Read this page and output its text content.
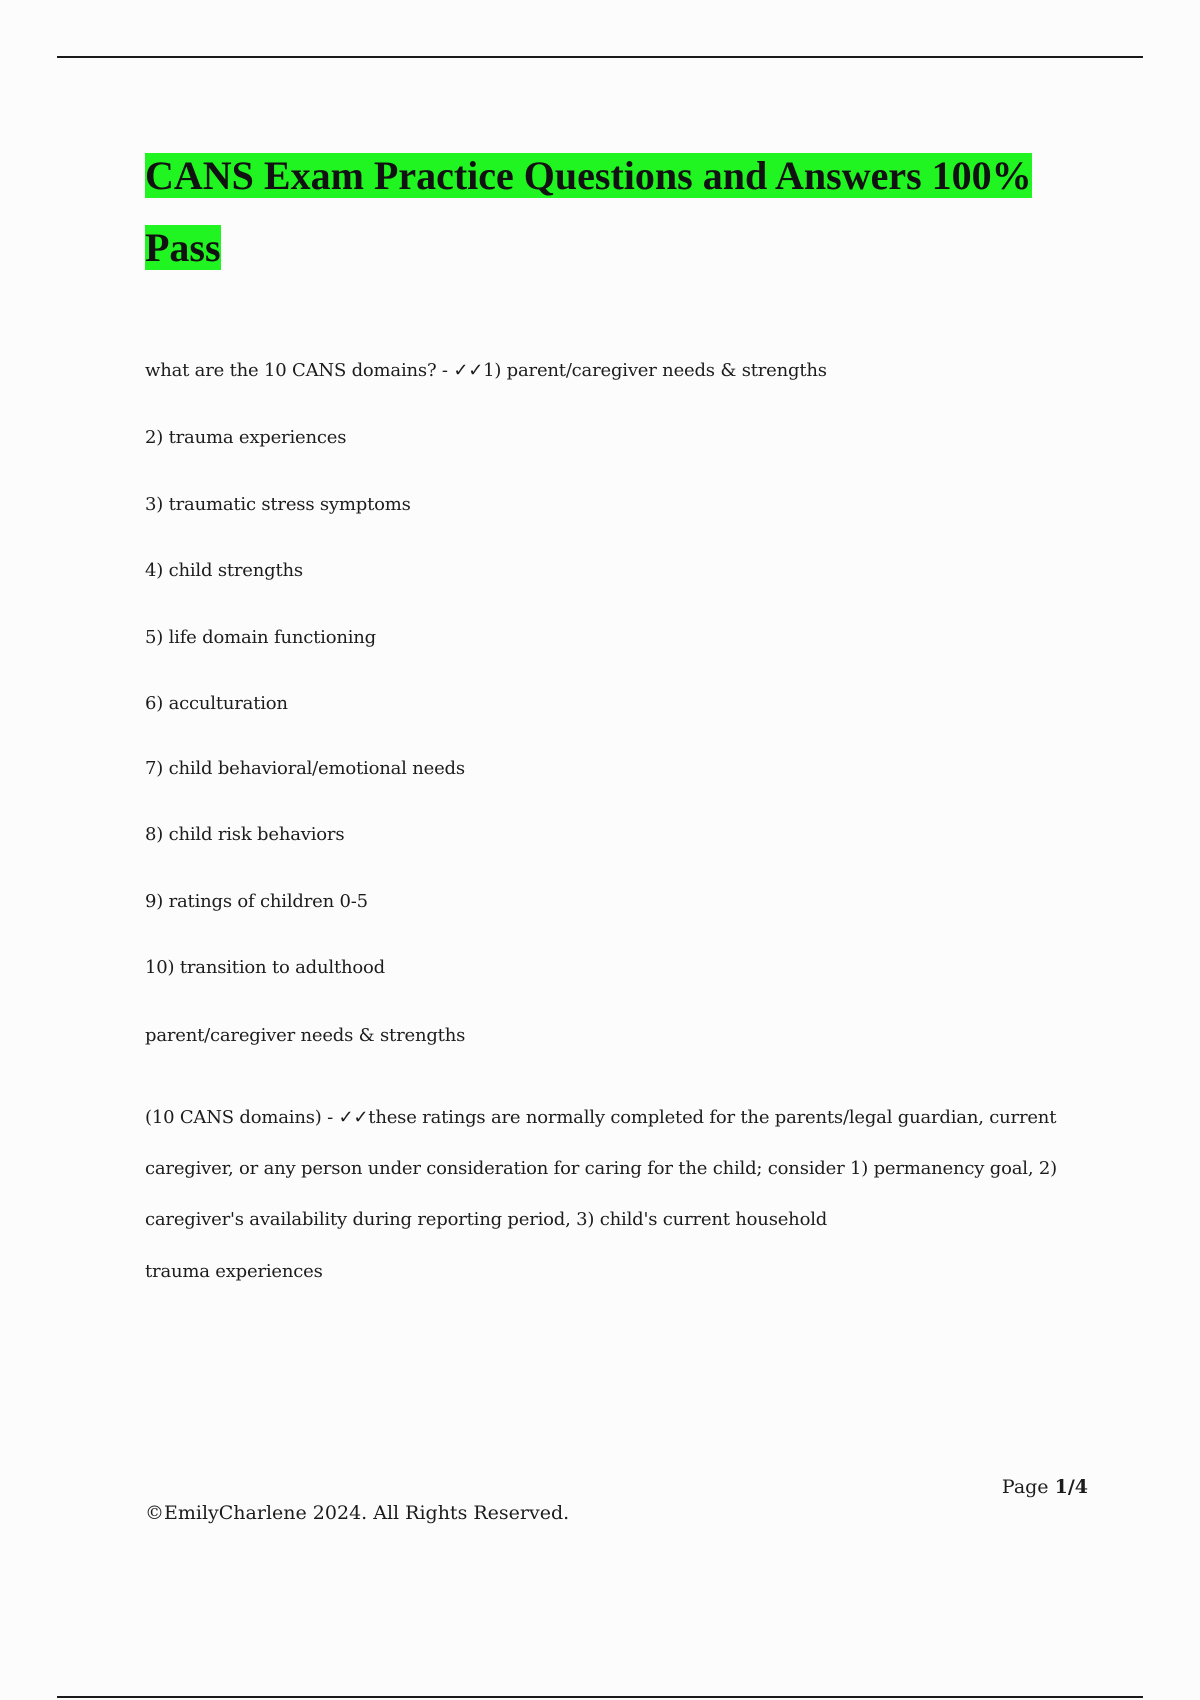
CANS Exam Practice Questions and Answers 100% Pass
what are the 10 CANS domains? - ✓✓1) parent/caregiver needs & strengths
2) trauma experiences
3) traumatic stress symptoms
4) child strengths
5) life domain functioning
6) acculturation
7) child behavioral/emotional needs
8) child risk behaviors
9) ratings of children 0-5
10) transition to adulthood
parent/caregiver needs & strengths
(10 CANS domains) - ✓✓these ratings are normally completed for the parents/legal guardian, current caregiver, or any person under consideration for caring for the child; consider 1) permanency goal, 2) caregiver's availability during reporting period, 3) child's current household
trauma experiences
Page 1/4
©EmilyCharlene 2024. All Rights Reserved.
